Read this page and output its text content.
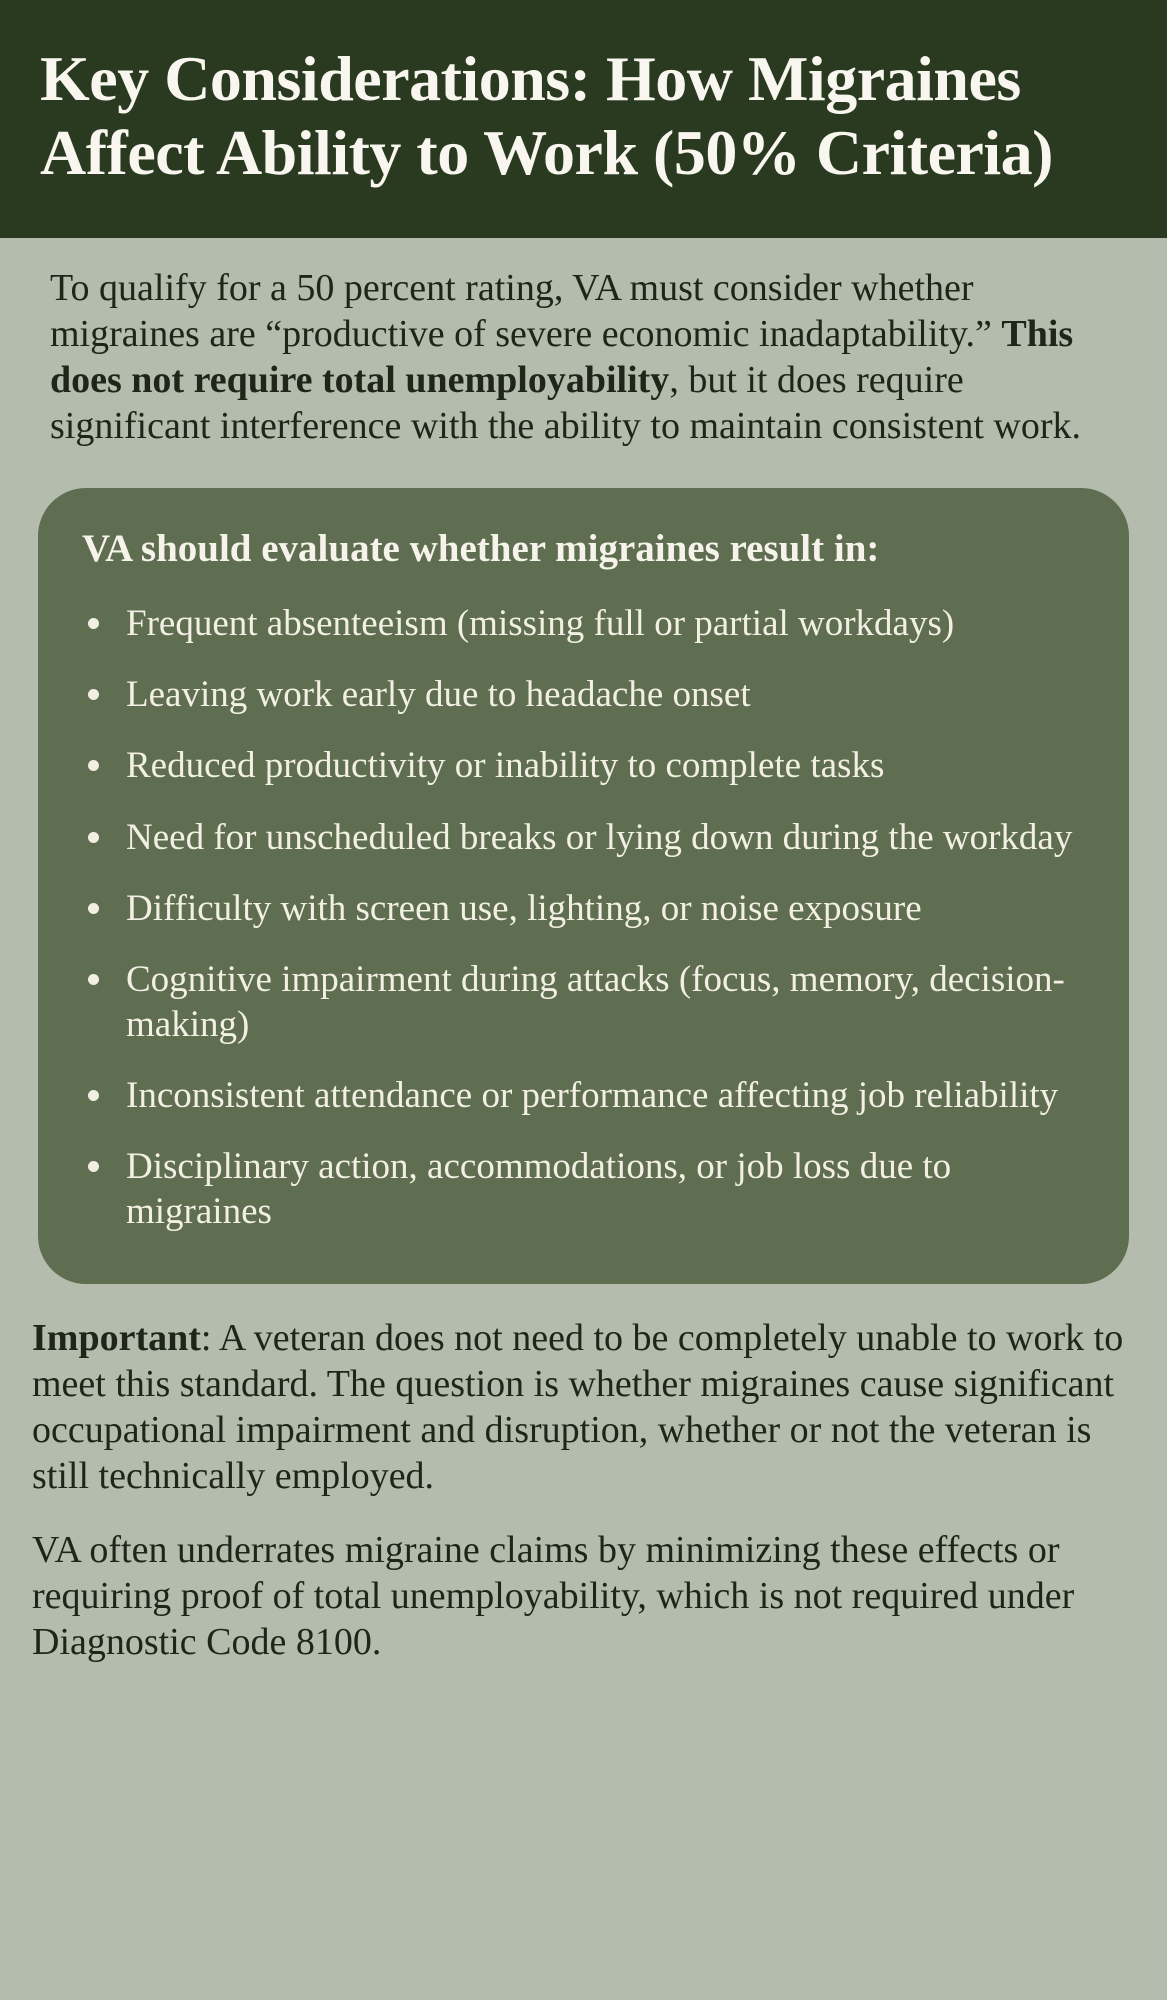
Key Considerations: How Migraines Affect Ability to Work (50% Criteria)

To qualify for a 50 percent rating, VA must consider whether migraines are “productive of severe economic inadaptability.” This does not require total unemployability, but it does require significant interference with the ability to maintain consistent work.

VA should evaluate whether migraines result in:
Frequent absenteeism (missing full or partial workdays)
Leaving work early due to headache onset
Reduced productivity or inability to complete tasks
Need for unscheduled breaks or lying down during the workday
Difficulty with screen use, lighting, or noise exposure
Cognitive impairment during attacks (focus, memory, decision-making)
Inconsistent attendance or performance affecting job reliability
Disciplinary action, accommodations, or job loss due to migraines

Important: A veteran does not need to be completely unable to work to meet this standard. The question is whether migraines cause significant occupational impairment and disruption, whether or not the veteran is still technically employed.

VA often underrates migraine claims by minimizing these effects or requiring proof of total unemployability, which is not required under Diagnostic Code 8100.
